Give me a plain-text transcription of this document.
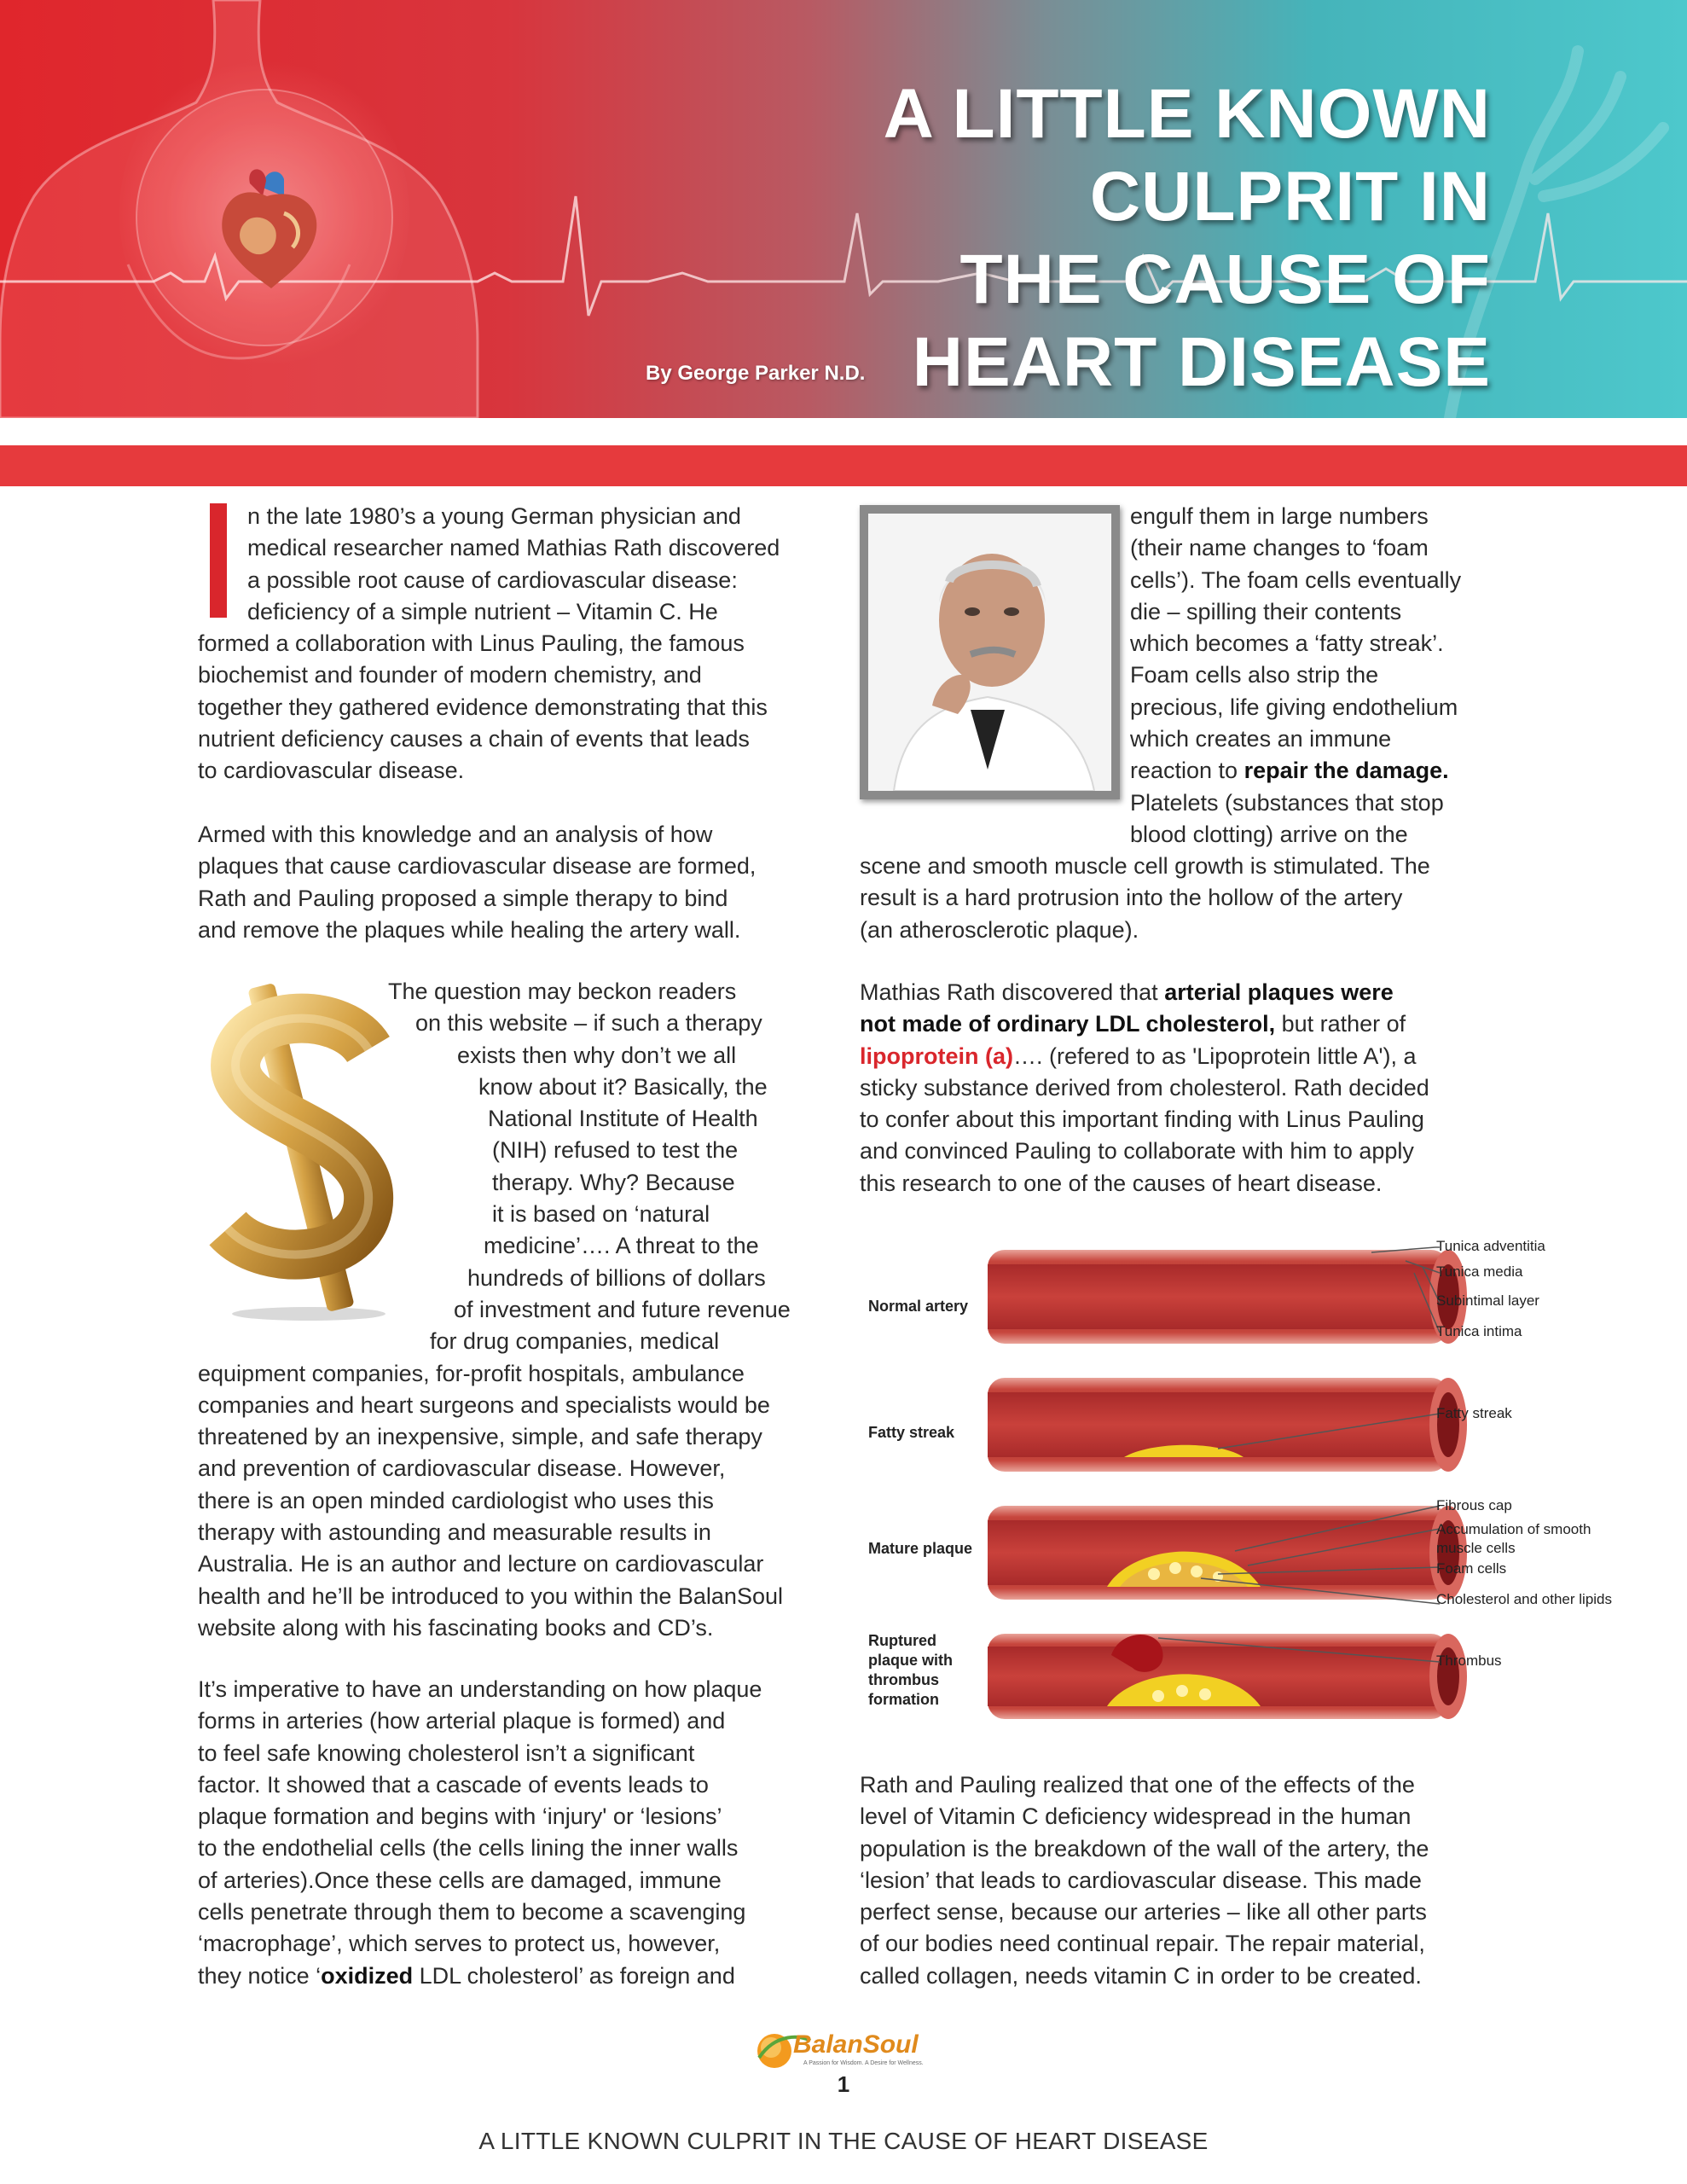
A LITTLE KNOWN
CULPRIT IN
THE CAUSE OF
HEART DISEASE
By George Parker N.D.
n the late 1980’s a young German physician and
medical researcher named Mathias Rath discovered
a possible root cause of cardiovascular disease:
deficiency of a simple nutrient – Vitamin C. He
formed a collaboration with Linus Pauling, the famous
biochemist and founder of modern chemistry, and
together they gathered evidence demonstrating that this
nutrient deficiency causes a chain of events that leads
to cardiovascular disease.
Armed with this knowledge and an analysis of how
plaques that cause cardiovascular disease are formed,
Rath and Pauling proposed a simple therapy to bind
and remove the plaques while healing the artery wall.
The question may beckon readers
on this website – if such a therapy
exists then why don’t we all
know about it? Basically, the
National Institute of Health
(NIH) refused to test the
therapy. Why? Because
it is based on ‘natural
medicine’…. A threat to the
hundreds of billions of dollars
of investment and future revenue
for drug companies, medical
equipment companies, for-profit hospitals, ambulance
companies and heart surgeons and specialists would be
threatened by an inexpensive, simple, and safe therapy
and prevention of cardiovascular disease. However,
there is an open minded cardiologist who uses this
therapy with astounding and measurable results in
Australia. He is an author and lecture on cardiovascular
health and he’ll be introduced to you within the BalanSoul
website along with his fascinating books and CD’s.
It’s imperative to have an understanding on how plaque
forms in arteries (how arterial plaque is formed) and
to feel safe knowing cholesterol isn’t a significant
factor. It showed that a cascade of events leads to
plaque formation and begins with ‘injury' or ‘lesions’
to the endothelial cells (the cells lining the inner walls
of arteries).Once these cells are damaged, immune
cells penetrate through them to become a scavenging
‘macrophage’, which serves to protect us, however,
they notice ‘oxidized LDL cholesterol’ as foreign and
engulf them in large numbers
(their name changes to ‘foam
cells’). The foam cells eventually
die – spilling their contents
which becomes a ‘fatty streak’.
Foam cells also strip the
precious, life giving endothelium
which creates an immune
reaction to repair the damage.
Platelets (substances that stop
blood clotting) arrive on the
scene and smooth muscle cell growth is stimulated. The
result is a hard protrusion into the hollow of the artery
(an atherosclerotic plaque).
Mathias Rath discovered that arterial plaques were
not made of ordinary LDL cholesterol, but rather of
lipoprotein (a)…. (refered to as 'Lipoprotein little A'), a
sticky substance derived from cholesterol. Rath decided
to confer about this important finding with Linus Pauling
and convinced Pauling to collaborate with him to apply
this research to one of the causes of heart disease.
Normal artery
Fatty streak
Mature plaque
Ruptured
plaque with
thrombus
formation
Tunica adventitia
Tunica media
Subintimal layer
Tunica intima
Fatty streak
Fibrous cap
Accumulation of smooth
muscle cells
Foam cells
Cholesterol and other lipids
Thrombus
Rath and Pauling realized that one of the effects of the
level of Vitamin C deficiency widespread in the human
population is the breakdown of the wall of the artery, the
‘lesion’ that leads to cardiovascular disease. This made
perfect sense, because our arteries – like all other parts
of our bodies need continual repair. The repair material,
called collagen, needs vitamin C in order to be created.
BalanSoul
A Passion for Wisdom. A Desire for Wellness.
1
A LITTLE KNOWN CULPRIT IN THE CAUSE OF HEART DISEASE
